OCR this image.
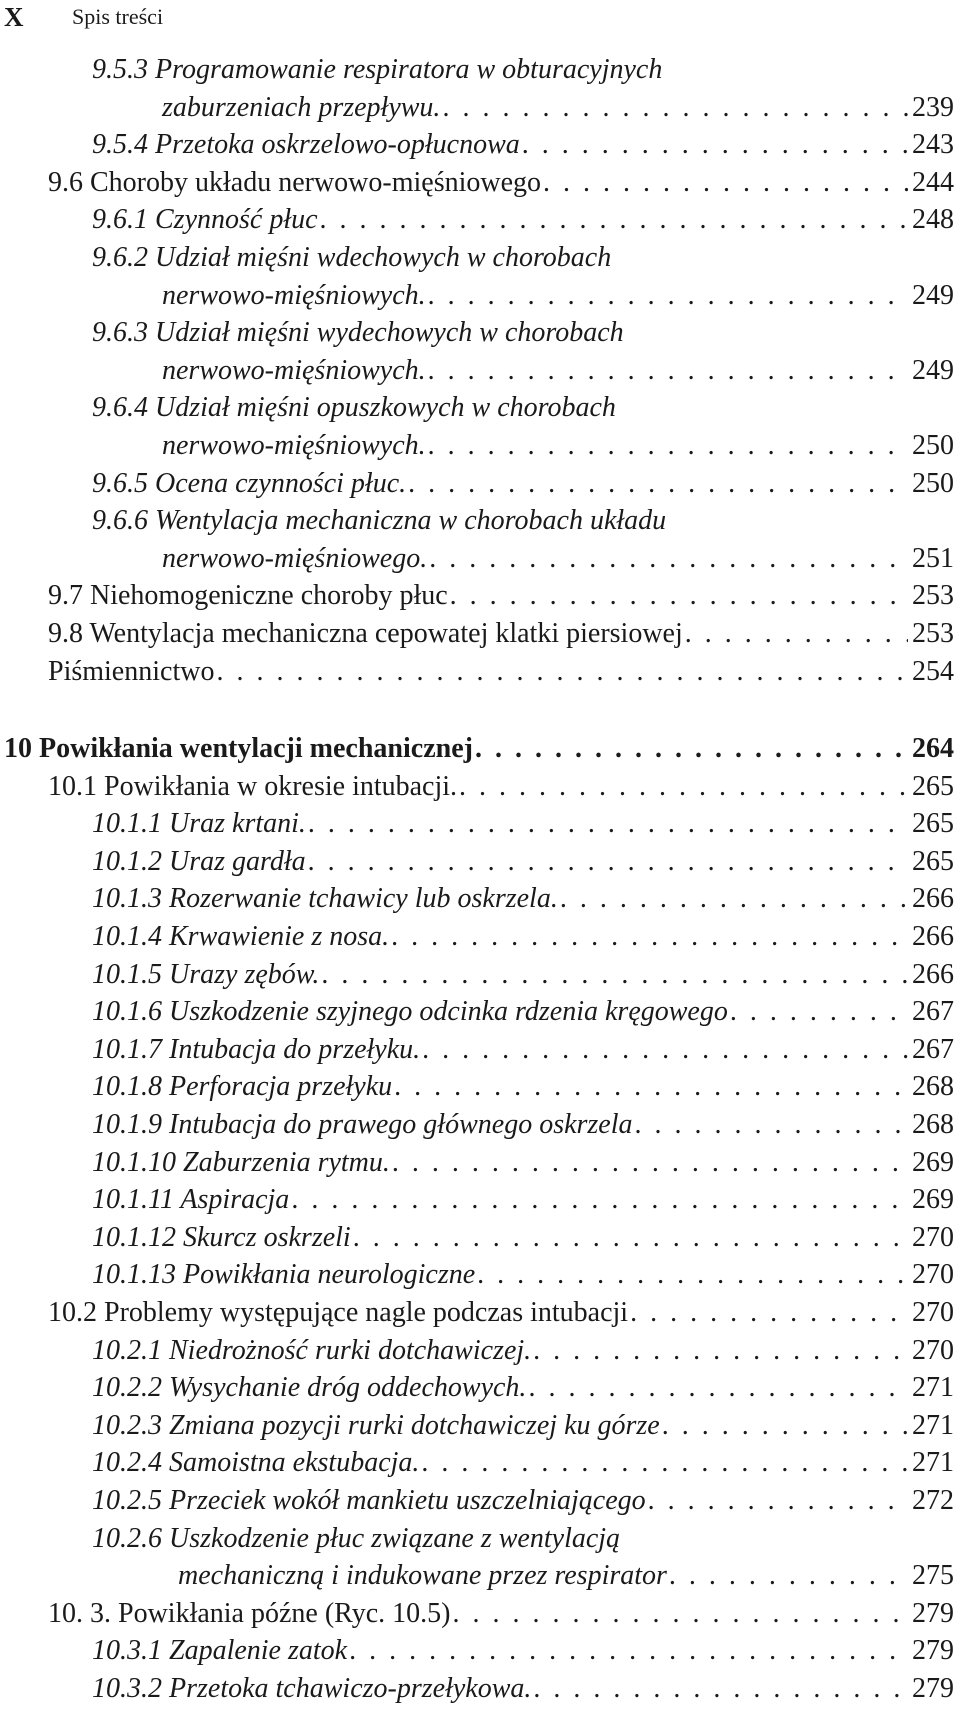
X Spis treści
9.5.3 Programowanie respiratora w obturacyjnych
zaburzeniach przepływu. . . .	239
9.5.4 Przetoka oskrzelowo-opłucnowa . . .	243
9.6 Choroby układu nerwowo-mięśniowego . . .	244
9.6.1 Czynność płuc . . .	248
9.6.2 Udział mięśni wdechowych w chorobach
nerwowo-mięśniowych. . . .	249
9.6.3 Udział mięśni wydechowych w chorobach
nerwowo-mięśniowych. . . .	249
9.6.4 Udział mięśni opuszkowych w chorobach
nerwowo-mięśniowych. . . .	250
9.6.5 Ocena czynności płuc. . . .	250
9.6.6 Wentylacja mechaniczna w chorobach układu
nerwowo-mięśniowego. . . .	251
9.7 Niehomogeniczne choroby płuc . . .	253
9.8 Wentylacja mechaniczna cepowatej klatki piersiowej . . .	253
Piśmiennictwo . . .	254
10 Powikłania wentylacji mechanicznej . . .	264
10.1 Powikłania w okresie intubacji. . . .	265
10.1.1 Uraz krtani. . . .	265
10.1.2 Uraz gardła . . .	265
10.1.3 Rozerwanie tchawicy lub oskrzela. . . .	266
10.1.4 Krwawienie z nosa. . . .	266
10.1.5 Urazy zębów. . . .	266
10.1.6 Uszkodzenie szyjnego odcinka rdzenia kręgowego . . .	267
10.1.7 Intubacja do przełyku. . . .	267
10.1.8 Perforacja przełyku . . .	268
10.1.9 Intubacja do prawego głównego oskrzela . . .	268
10.1.10 Zaburzenia rytmu. . . .	269
10.1.11 Aspiracja . . .	269
10.1.12 Skurcz oskrzeli . . .	270
10.1.13 Powikłania neurologiczne . . .	270
10.2 Problemy występujące nagle podczas intubacji . . .	270
10.2.1 Niedrożność rurki dotchawiczej. . . .	270
10.2.2 Wysychanie dróg oddechowych. . . .	271
10.2.3 Zmiana pozycji rurki dotchawiczej ku górze . . .	271
10.2.4 Samoistna ekstubacja. . . .	271
10.2.5 Przeciek wokół mankietu uszczelniającego . . .	272
10.2.6 Uszkodzenie płuc związane z wentylacją
mechaniczną i indukowane przez respirator . . .	275
10. 3. Powikłania późne (Ryc. 10.5) . . .	279
10.3.1 Zapalenie zatok . . .	279
10.3.2 Przetoka tchawiczo-przełykowa. . . .	279
